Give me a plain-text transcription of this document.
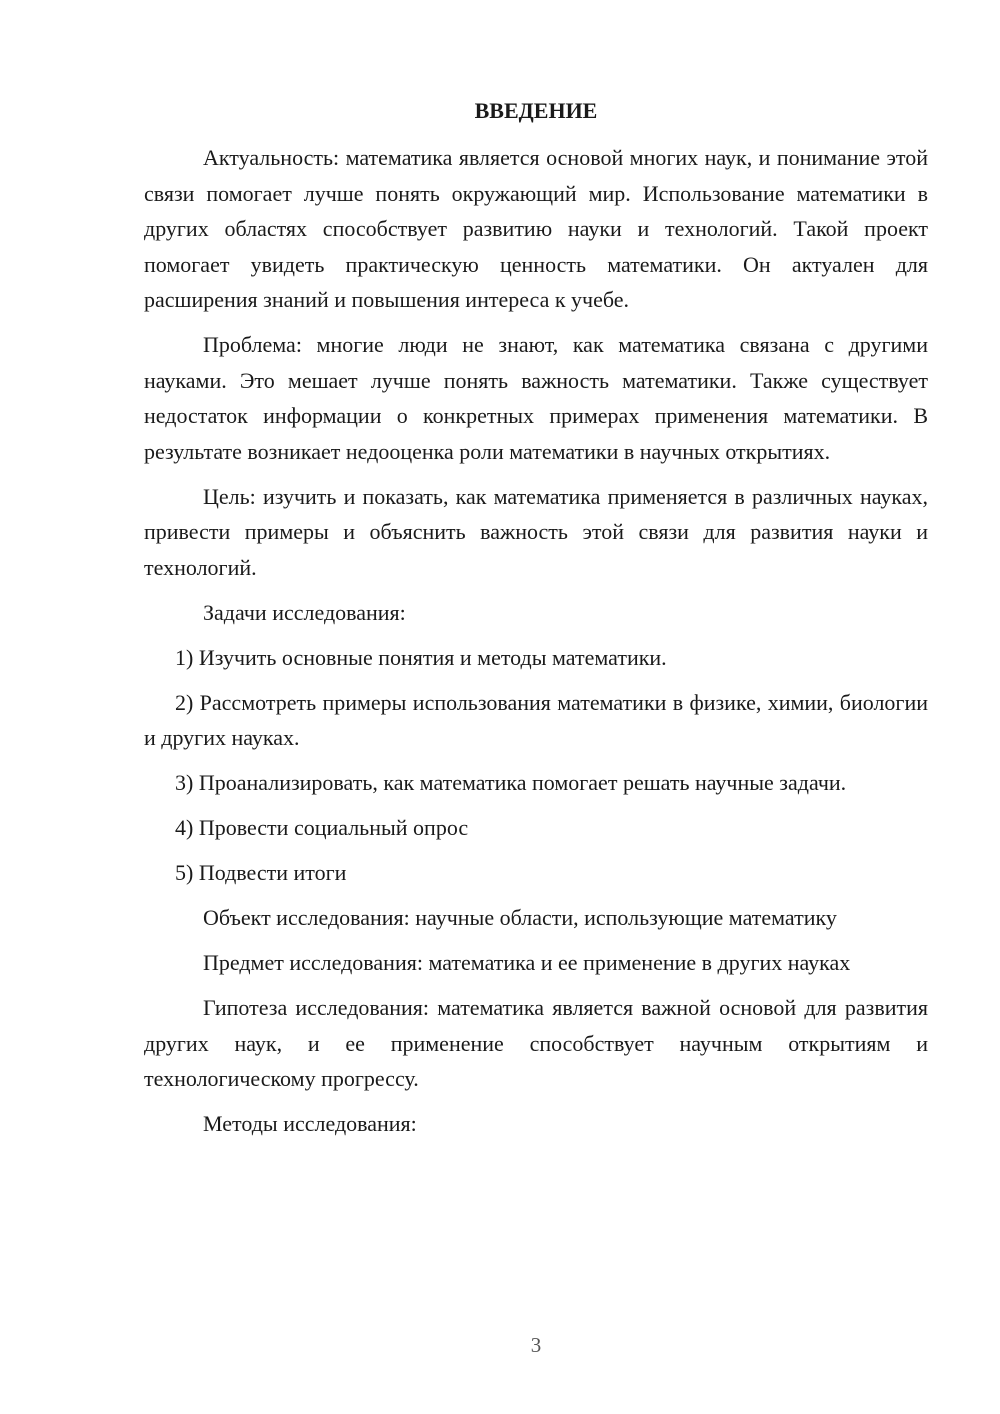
ВВЕДЕНИЕ

Актуальность: математика является основой многих наук, и понимание этой связи помогает лучше понять окружающий мир. Использование математики в других областях способствует развитию науки и технологий. Такой проект помогает увидеть практическую ценность математики. Он актуален для расширения знаний и повышения интереса к учебе.

Проблема: многие люди не знают, как математика связана с другими науками. Это мешает лучше понять важность математики. Также существует недостаток информации о конкретных примерах применения математики. В результате возникает недооценка роли математики в научных открытиях.

Цель: изучить и показать, как математика применяется в различных науках, привести примеры и объяснить важность этой связи для развития науки и технологий.

Задачи исследования:

1) Изучить основные понятия и методы математики.

2) Рассмотреть примеры использования математики в физике, химии, биологии и других науках.

3) Проанализировать, как математика помогает решать научные задачи.

4) Провести социальный опрос

5) Подвести итоги

Объект исследования: научные области, использующие математику

Предмет исследования: математика и ее применение в других науках

Гипотеза исследования: математика является важной основой для развития других наук, и ее применение способствует научным открытиям и технологическому прогрессу.

Методы исследования:

3
